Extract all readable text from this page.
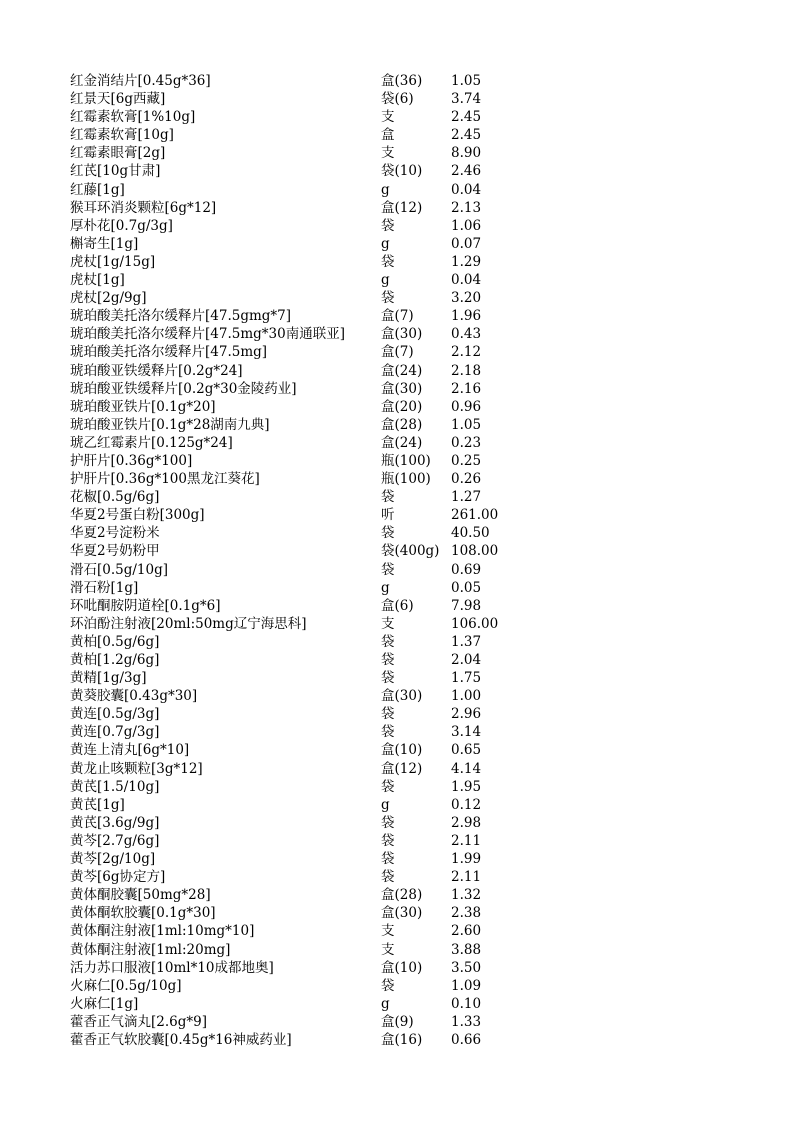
红金消结片[0.45g*36]	盒(36)	1.05
红景天[6g西藏]	袋(6)	3.74
红霉素软膏[1%10g]	支	2.45
红霉素软膏[10g]	盒	2.45
红霉素眼膏[2g]	支	8.90
红芪[10g甘肃]	袋(10)	2.46
红藤[1g]	g	0.04
猴耳环消炎颗粒[6g*12]	盒(12)	2.13
厚朴花[0.7g/3g]	袋	1.06
槲寄生[1g]	g	0.07
虎杖[1g/15g]	袋	1.29
虎杖[1g]	g	0.04
虎杖[2g/9g]	袋	3.20
琥珀酸美托洛尔缓释片[47.5gmg*7]	盒(7)	1.96
琥珀酸美托洛尔缓释片[47.5mg*30南通联亚]	盒(30)	0.43
琥珀酸美托洛尔缓释片[47.5mg]	盒(7)	2.12
琥珀酸亚铁缓释片[0.2g*24]	盒(24)	2.18
琥珀酸亚铁缓释片[0.2g*30金陵药业]	盒(30)	2.16
琥珀酸亚铁片[0.1g*20]	盒(20)	0.96
琥珀酸亚铁片[0.1g*28湖南九典]	盒(28)	1.05
琥乙红霉素片[0.125g*24]	盒(24)	0.23
护肝片[0.36g*100]	瓶(100)	0.25
护肝片[0.36g*100黑龙江葵花]	瓶(100)	0.26
花椒[0.5g/6g]	袋	1.27
华夏2号蛋白粉[300g]	听	261.00
华夏2号淀粉米	袋	40.50
华夏2号奶粉甲	袋(400g) 108.00
滑石[0.5g/10g]	袋	0.69
滑石粉[1g]	g	0.05
环吡酮胺阴道栓[0.1g*6]	盒(6)	7.98
环泊酚注射液[20ml:50mg辽宁海思科]	支	106.00
黄柏[0.5g/6g]	袋	1.37
黄柏[1.2g/6g]	袋	2.04
黄精[1g/3g]	袋	1.75
黄葵胶囊[0.43g*30]	盒(30)	1.00
黄连[0.5g/3g]	袋	2.96
黄连[0.7g/3g]	袋	3.14
黄连上清丸[6g*10]	盒(10)	0.65
黄龙止咳颗粒[3g*12]	盒(12)	4.14
黄芪[1.5/10g]	袋	1.95
黄芪[1g]	g	0.12
黄芪[3.6g/9g]	袋	2.98
黄芩[2.7g/6g]	袋	2.11
黄芩[2g/10g]	袋	1.99
黄芩[6g协定方]	袋	2.11
黄体酮胶囊[50mg*28]	盒(28)	1.32
黄体酮软胶囊[0.1g*30]	盒(30)	2.38
黄体酮注射液[1ml:10mg*10]	支	2.60
黄体酮注射液[1ml:20mg]	支	3.88
活力苏口服液[10ml*10成都地奥]	盒(10)	3.50
火麻仁[0.5g/10g]	袋	1.09
火麻仁[1g]	g	0.10
藿香正气滴丸[2.6g*9]	盒(9)	1.33
藿香正气软胶囊[0.45g*16神威药业]	盒(16)	0.66
